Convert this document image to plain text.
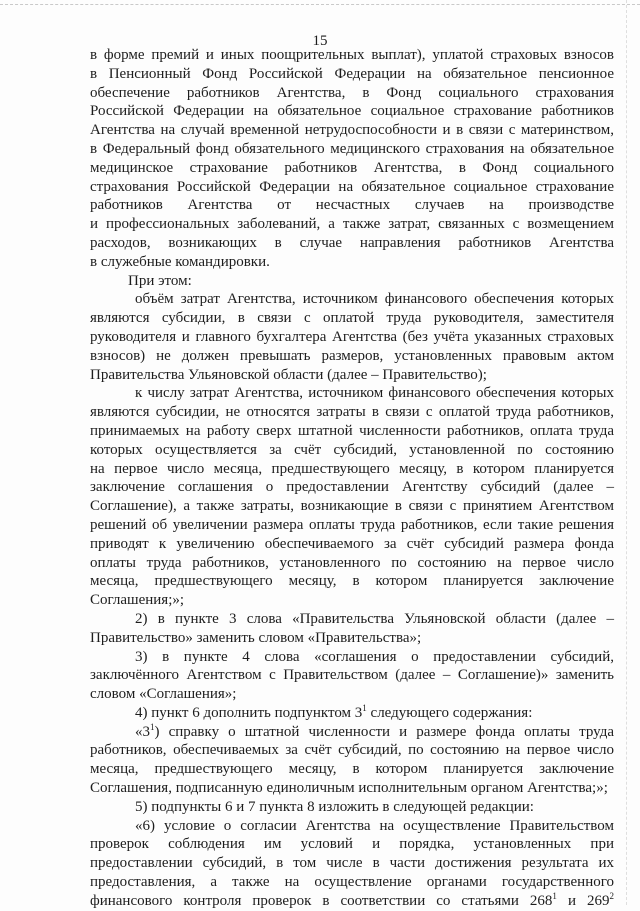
15
в форме премий и иных поощрительных выплат), уплатой страховых взносов
в Пенсионный Фонд Российской Федерации на обязательное пенсионное
обеспечение работников Агентства, в Фонд социального страхования
Российской Федерации на обязательное социальное страхование работников
Агентства на случай временной нетрудоспособности и в связи с материнством,
в Федеральный фонд обязательного медицинского страхования на обязательное
медицинское страхование работников Агентства, в Фонд социального
страхования Российской Федерации на обязательное социальное страхование
работников Агентства от несчастных случаев на производстве
и профессиональных заболеваний, а также затрат, связанных с возмещением
расходов, возникающих в случае направления работников Агентства
в служебные командировки.
При этом:
объём затрат Агентства, источником финансового обеспечения которых
являются субсидии, в связи с оплатой труда руководителя, заместителя
руководителя и главного бухгалтера Агентства (без учёта указанных страховых
взносов) не должен превышать размеров, установленных правовым актом
Правительства Ульяновской области (далее – Правительство);
к числу затрат Агентства, источником финансового обеспечения которых
являются субсидии, не относятся затраты в связи с оплатой труда работников,
принимаемых на работу сверх штатной численности работников, оплата труда
которых осуществляется за счёт субсидий, установленной по состоянию
на первое число месяца, предшествующего месяцу, в котором планируется
заключение соглашения о предоставлении Агентству субсидий (далее –
Соглашение), а также затраты, возникающие в связи с принятием Агентством
решений об увеличении размера оплаты труда работников, если такие решения
приводят к увеличению обеспечиваемого за счёт субсидий размера фонда
оплаты труда работников, установленного по состоянию на первое число
месяца, предшествующего месяцу, в котором планируется заключение
Соглашения;»;
2) в пункте 3 слова «Правительства Ульяновской области (далее –
Правительство» заменить словом «Правительства»;
3) в пункте 4 слова «соглашения о предоставлении субсидий,
заключённого Агентством с Правительством (далее – Соглашение)» заменить
словом «Соглашения»;
4) пункт 6 дополнить подпунктом $3^1$ следующего содержания:
«$3^1$) справку о штатной численности и размере фонда оплаты труда
работников, обеспечиваемых за счёт субсидий, по состоянию на первое число
месяца, предшествующего месяцу, в котором планируется заключение
Соглашения, подписанную единоличным исполнительным органом Агентства;»;
5) подпункты 6 и 7 пункта 8 изложить в следующей редакции:
«6) условие о согласии Агентства на осуществление Правительством
проверок соблюдения им условий и порядка, установленных при
предоставлении субсидий, в том числе в части достижения результата их
предоставления, а также на осуществление органами государственного
финансового контроля проверок в соответствии со статьями $268^1$ и $269^2$
